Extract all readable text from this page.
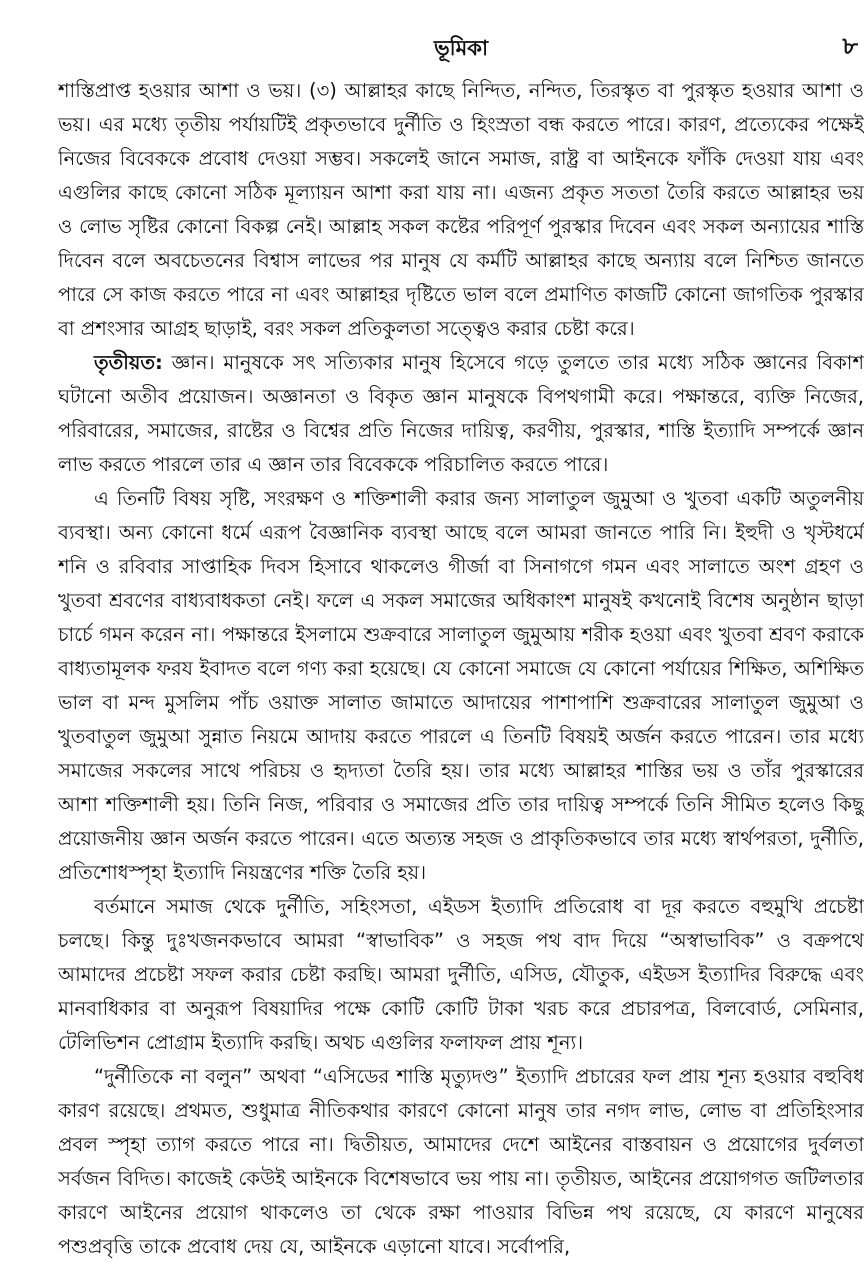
ভূমিকা	৮

শাস্তিপ্রাপ্ত হওয়ার আশা ও ভয়। (৩) আল্লাহর কাছে নিন্দিত, নন্দিত, তিরস্কৃত বা পুরস্কৃত হওয়ার আশা ও ভয়। এর মধ্যে তৃতীয় পর্যায়টিই প্রকৃতভাবে দুর্নীতি ও হিংস্রতা বন্ধ করতে পারে। কারণ, প্রত্যেকের পক্ষেই নিজের বিবেককে প্রবোধ দেওয়া সম্ভব। সকলেই জানে সমাজ, রাষ্ট্র বা আইনকে ফাঁকি দেওয়া যায় এবং এগুলির কাছে কোনো সঠিক মূল্যায়ন আশা করা যায় না। এজন্য প্রকৃত সততা তৈরি করতে আল্লাহর ভয় ও লোভ সৃষ্টির কোনো বিকল্প নেই। আল্লাহ সকল কষ্টের পরিপূর্ণ পুরস্কার দিবেন এবং সকল অন্যায়ের শাস্তি দিবেন বলে অবচেতনের বিশ্বাস লাভের পর মানুষ যে কর্মটি আল্লাহর কাছে অন্যায় বলে নিশ্চিত জানতে পারে সে কাজ করতে পারে না এবং আল্লাহর দৃষ্টিতে ভাল বলে প্রমাণিত কাজটি কোনো জাগতিক পুরস্কার বা প্রশংসার আগ্রহ ছাড়াই, বরং সকল প্রতিকুলতা সত্ত্বেও করার চেষ্টা করে।

তৃতীয়ত: জ্ঞান। মানুষকে সৎ সত্যিকার মানুষ হিসেবে গড়ে তুলতে তার মধ্যে সঠিক জ্ঞানের বিকাশ ঘটানো অতীব প্রয়োজন। অজ্ঞানতা ও বিকৃত জ্ঞান মানুষকে বিপথগামী করে। পক্ষান্তরে, ব্যক্তি নিজের, পরিবারের, সমাজের, রাষ্টের ও বিশ্বের প্রতি নিজের দায়িত্ব, করণীয়, পুরস্কার, শাস্তি ইত্যাদি সম্পর্কে জ্ঞান লাভ করতে পারলে তার এ জ্ঞান তার বিবেককে পরিচালিত করতে পারে।

এ তিনটি বিষয় সৃষ্টি, সংরক্ষণ ও শক্তিশালী করার জন্য সালাতুল জুমুআ ও খুতবা একটি অতুলনীয় ব্যবস্থা। অন্য কোনো ধর্মে এরূপ বৈজ্ঞানিক ব্যবস্থা আছে বলে আমরা জানতে পারি নি। ইহুদী ও খৃস্টধর্মে শনি ও রবিবার সাপ্তাহিক দিবস হিসাবে থাকলেও গীর্জা বা সিনাগগে গমন এবং সালাতে অংশ গ্রহণ ও খুতবা শ্রবণের বাধ্যবাধকতা নেই। ফলে এ সকল সমাজের অধিকাংশ মানুষই কখনোই বিশেষ অনুষ্ঠান ছাড়া চার্চে গমন করেন না। পক্ষান্তরে ইসলামে শুক্রবারে সালাতুল জুমুআয় শরীক হওয়া এবং খুতবা শ্রবণ করাকে বাধ্যতামূলক ফরয ইবাদত বলে গণ্য করা হয়েছে। যে কোনো সমাজে যে কোনো পর্যায়ের শিক্ষিত, অশিক্ষিত ভাল বা মন্দ মুসলিম পাঁচ ওয়াক্ত সালাত জামাতে আদায়ের পাশাপাশি শুক্রবারের সালাতুল জুমুআ ও খুতবাতুল জুমুআ সুন্নাত নিয়মে আদায় করতে পারলে এ তিনটি বিষয়ই অর্জন করতে পারেন। তার মধ্যে সমাজের সকলের সাথে পরিচয় ও হৃদ্যতা তৈরি হয়। তার মধ্যে আল্লাহর শাস্তির ভয় ও তাঁর পুরস্কারের আশা শক্তিশালী হয়। তিনি নিজ, পরিবার ও সমাজের প্রতি তার দায়িত্ব সম্পর্কে তিনি সীমিত হলেও কিছু প্রয়োজনীয় জ্ঞান অর্জন করতে পারেন। এতে অত্যন্ত সহজ ও প্রাকৃতিকভাবে তার মধ্যে স্বার্থপরতা, দুর্নীতি, প্রতিশোধস্পৃহা ইত্যাদি নিয়ন্ত্রণের শক্তি তৈরি হয়।

বর্তমানে সমাজ থেকে দুর্নীতি, সহিংসতা, এইডস ইত্যাদি প্রতিরোধ বা দূর করতে বহুমুখি প্রচেষ্টা চলছে। কিন্তু দুঃখজনকভাবে আমরা “স্বাভাবিক” ও সহজ পথ বাদ দিয়ে “অস্বাভাবিক” ও বক্রপথে আমাদের প্রচেষ্টা সফল করার চেষ্টা করছি। আমরা দুর্নীতি, এসিড, যৌতুক, এইডস ইত্যাদির বিরুদ্ধে এবং মানবাধিকার বা অনুরূপ বিষয়াদির পক্ষে কোটি কোটি টাকা খরচ করে প্রচারপত্র, বিলবোর্ড, সেমিনার, টেলিভিশন প্রোগ্রাম ইত্যাদি করছি। অথচ এগুলির ফলাফল প্রায় শূন্য।

“দুর্নীতিকে না বলুন” অথবা “এসিডের শাস্তি মৃত্যুদণ্ড” ইত্যাদি প্রচারের ফল প্রায় শূন্য হওয়ার বহুবিধ কারণ রয়েছে। প্রথমত, শুধুমাত্র নীতিকথার কারণে কোনো মানুষ তার নগদ লাভ, লোভ বা প্রতিহিংসার প্রবল স্পৃহা ত্যাগ করতে পারে না। দ্বিতীয়ত, আমাদের দেশে আইনের বাস্তবায়ন ও প্রয়োগের দুর্বলতা সর্বজন বিদিত। কাজেই কেউই আইনকে বিশেষভাবে ভয় পায় না। তৃতীয়ত, আইনের প্রয়োগগত জটিলতার কারণে আইনের প্রয়োগ থাকলেও তা থেকে রক্ষা পাওয়ার বিভিন্ন পথ রয়েছে, যে কারণে মানুষের পশুপ্রবৃত্তি তাকে প্রবোধ দেয় যে, আইনকে এড়ানো যাবে। সর্বোপরি,
